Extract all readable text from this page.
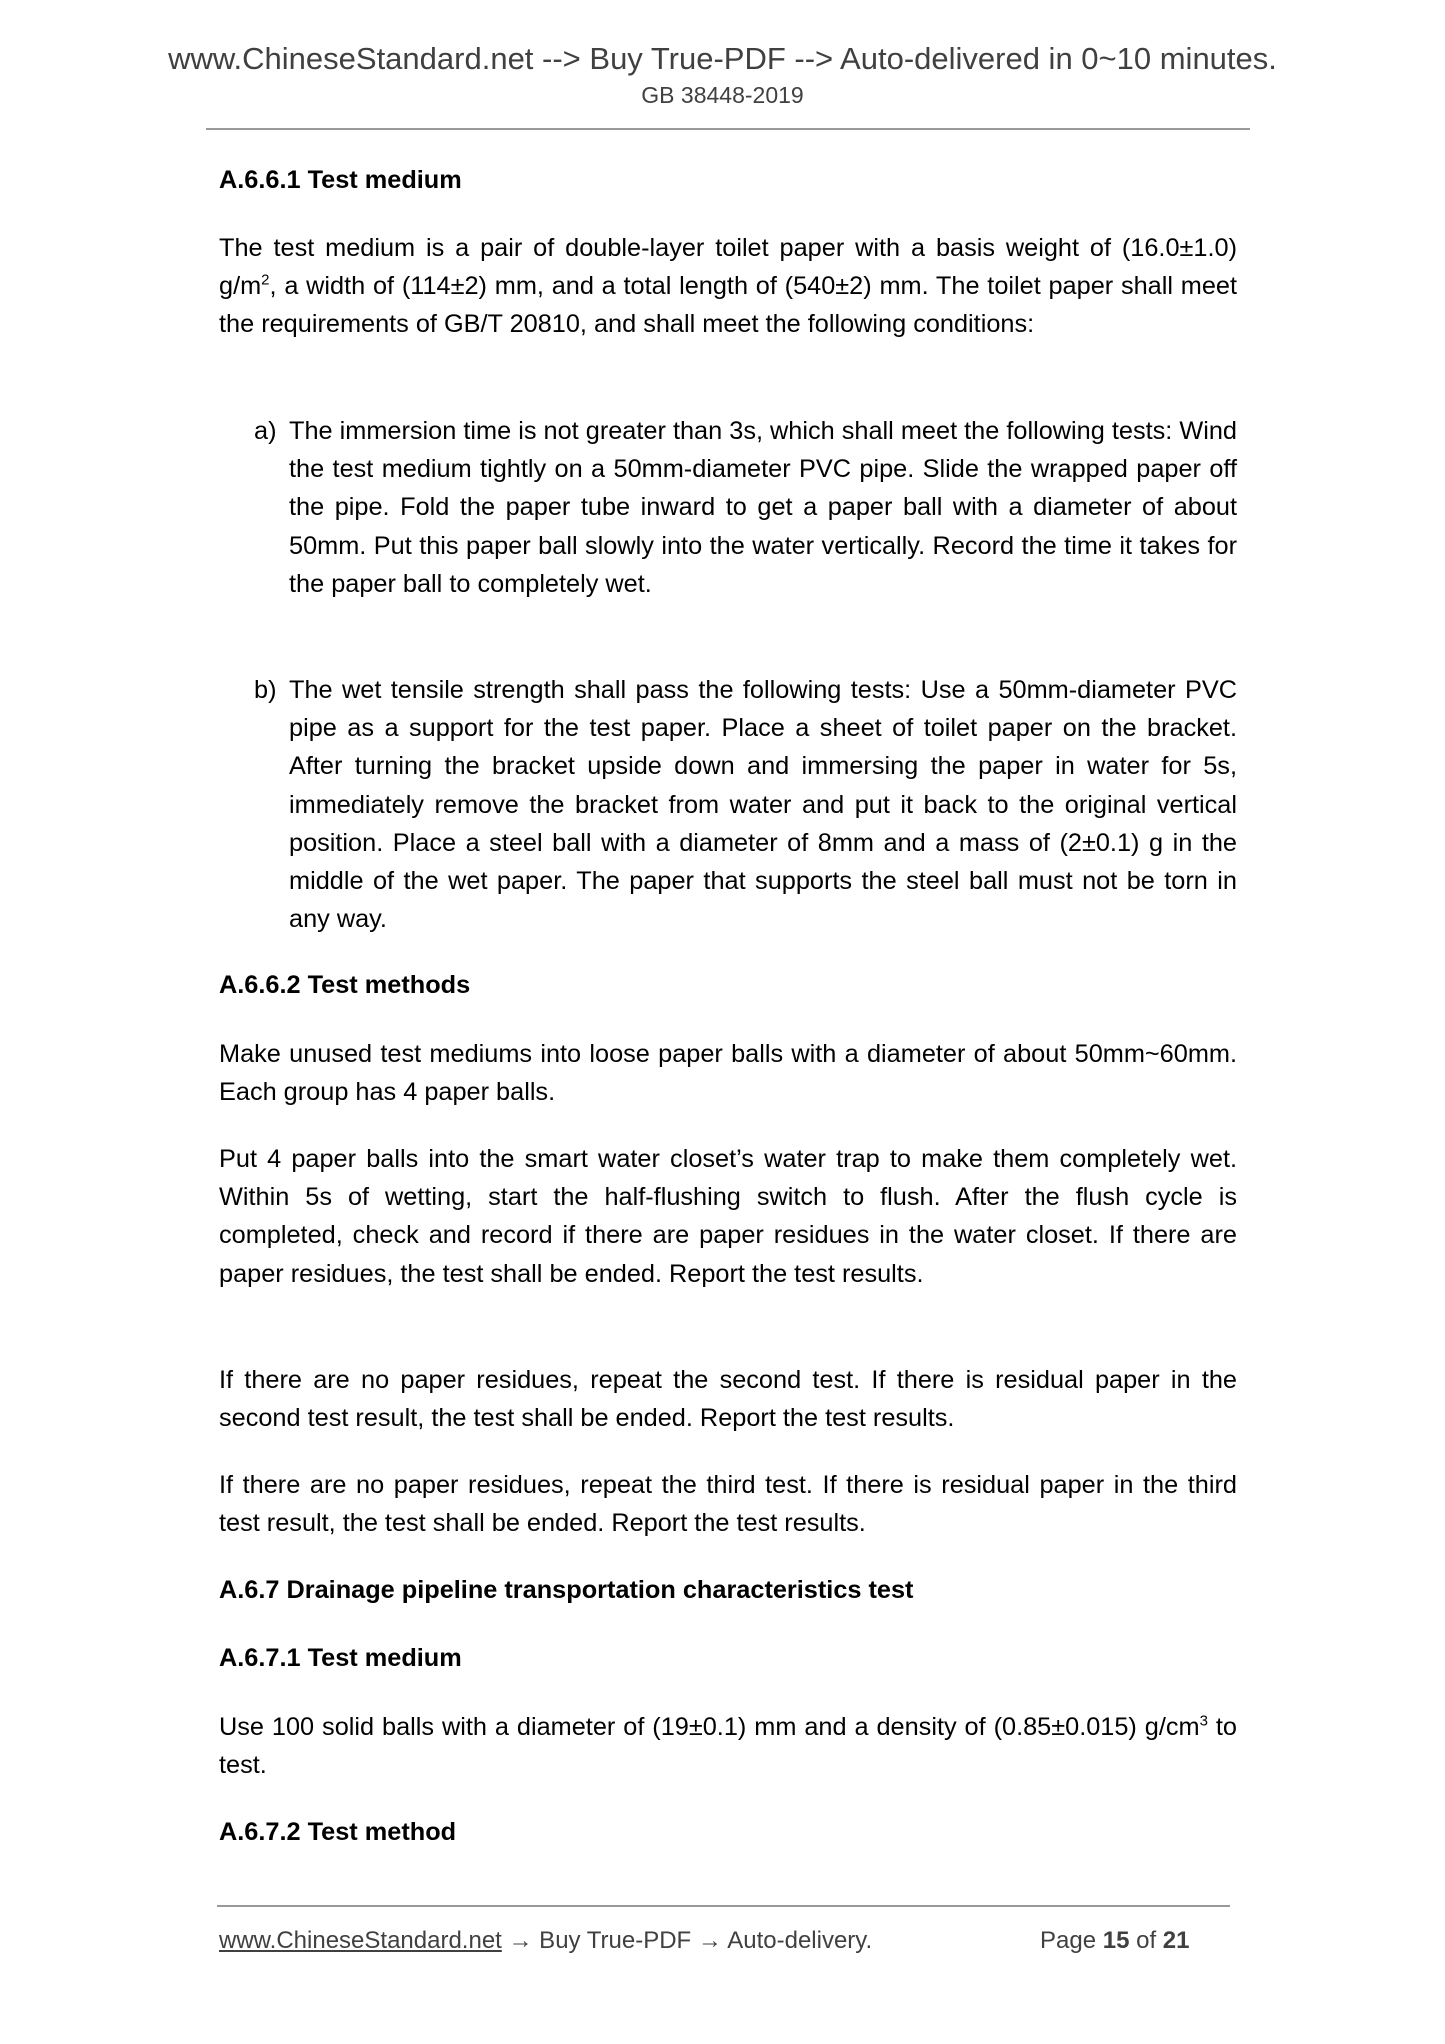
www.ChineseStandard.net --> Buy True-PDF --> Auto-delivered in 0~10 minutes.
GB 38448-2019
A.6.6.1 Test medium
The test medium is a pair of double-layer toilet paper with a basis weight of (16.0±1.0) $g/m^2$, a width of (114±2) mm, and a total length of (540±2) mm. The toilet paper shall meet the requirements of GB/T 20810, and shall meet the following conditions:
a) The immersion time is not greater than 3s, which shall meet the following tests: Wind the test medium tightly on a 50mm-diameter PVC pipe. Slide the wrapped paper off the pipe. Fold the paper tube inward to get a paper ball with a diameter of about 50mm. Put this paper ball slowly into the water vertically. Record the time it takes for the paper ball to completely wet.
b) The wet tensile strength shall pass the following tests: Use a 50mm-diameter PVC pipe as a support for the test paper. Place a sheet of toilet paper on the bracket. After turning the bracket upside down and immersing the paper in water for 5s, immediately remove the bracket from water and put it back to the original vertical position. Place a steel ball with a diameter of 8mm and a mass of (2±0.1) g in the middle of the wet paper. The paper that supports the steel ball must not be torn in any way.
A.6.6.2 Test methods
Make unused test mediums into loose paper balls with a diameter of about 50mm~60mm. Each group has 4 paper balls.
Put 4 paper balls into the smart water closet’s water trap to make them completely wet. Within 5s of wetting, start the half-flushing switch to flush. After the flush cycle is completed, check and record if there are paper residues in the water closet. If there are paper residues, the test shall be ended. Report the test results.
If there are no paper residues, repeat the second test. If there is residual paper in the second test result, the test shall be ended. Report the test results.
If there are no paper residues, repeat the third test. If there is residual paper in the third test result, the test shall be ended. Report the test results.
A.6.7 Drainage pipeline transportation characteristics test
A.6.7.1 Test medium
Use 100 solid balls with a diameter of (19±0.1) mm and a density of (0.85±0.015) $g/cm^3$ to test.
A.6.7.2 Test method
www.ChineseStandard.net → Buy True-PDF → Auto-delivery.	Page 15 of 21
